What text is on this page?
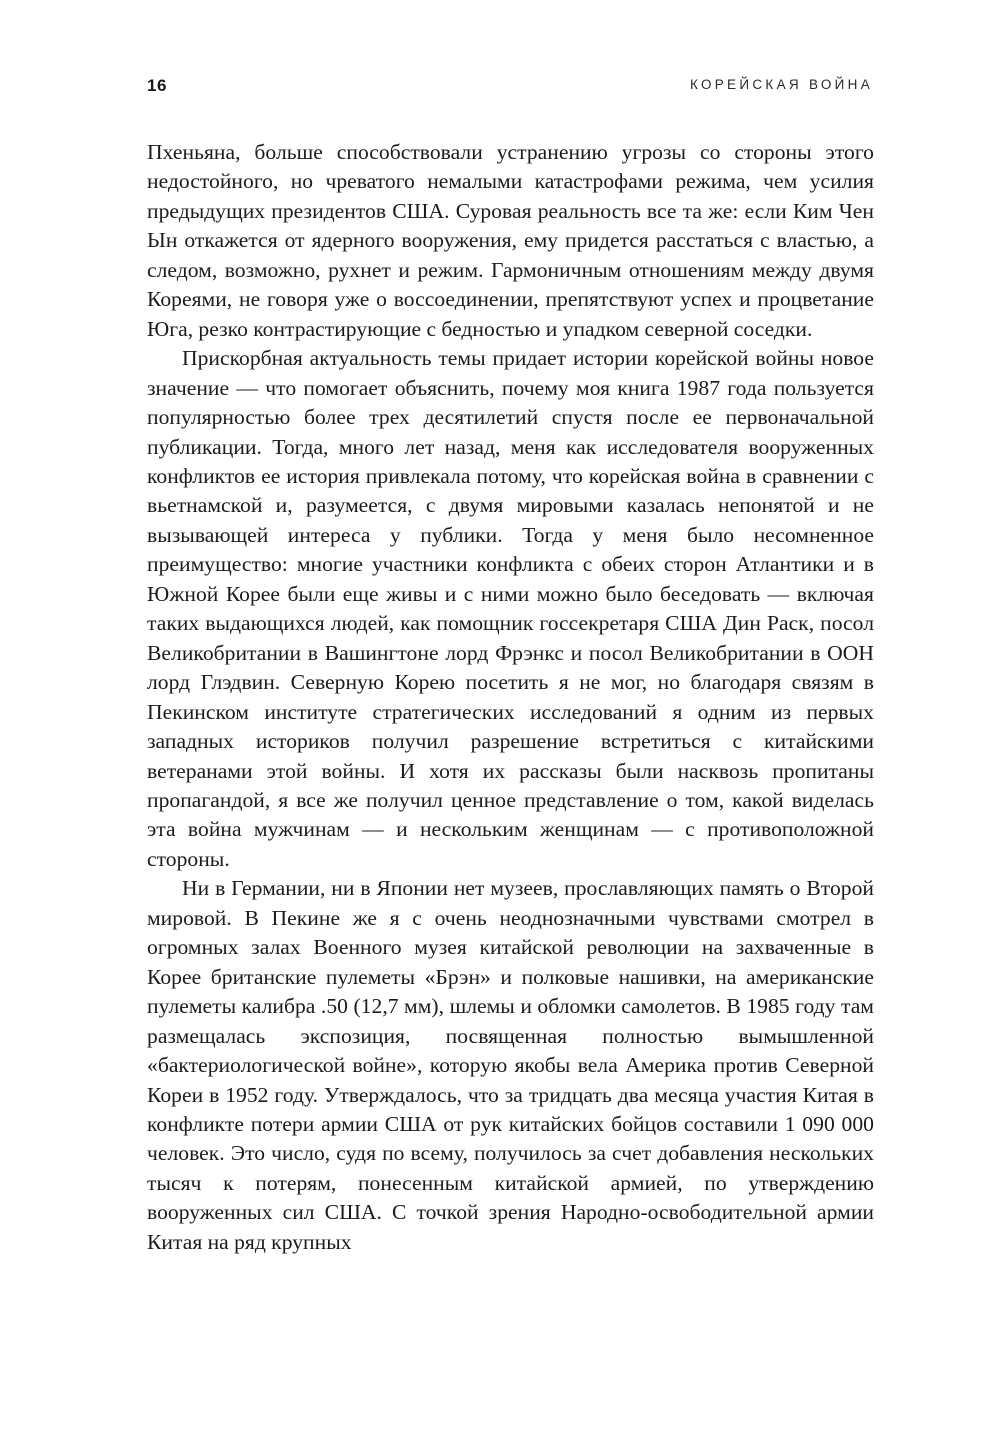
16	КОРЕЙСКАЯ ВОЙНА

Пхеньяна, больше способствовали устранению угрозы со стороны этого недостойного, но чреватого немалыми катастрофами режима, чем усилия предыдущих президентов США. Суровая реальность все та же: если Ким Чен Ын откажется от ядерного вооружения, ему придется расстаться с властью, а следом, возможно, рухнет и режим. Гармоничным отношениям между двумя Кореями, не говоря уже о воссоединении, препятствуют успех и процветание Юга, резко контрастирующие с бедностью и упадком северной соседки.

Прискорбная актуальность темы придает истории корейской войны новое значение — что помогает объяснить, почему моя книга 1987 года пользуется популярностью более трех десятилетий спустя после ее первоначальной публикации. Тогда, много лет назад, меня как исследователя вооруженных конфликтов ее история привлекала потому, что корейская война в сравнении с вьетнамской и, разумеется, с двумя мировыми казалась непонятой и не вызывающей интереса у публики. Тогда у меня было несомненное преимущество: многие участники конфликта с обеих сторон Атлантики и в Южной Корее были еще живы и с ними можно было беседовать — включая таких выдающихся людей, как помощник госсекретаря США Дин Раск, посол Великобритании в Вашингтоне лорд Фрэнкс и посол Великобритании в ООН лорд Глэдвин. Северную Корею посетить я не мог, но благодаря связям в Пекинском институте стратегических исследований я одним из первых западных историков получил разрешение встретиться с китайскими ветеранами этой войны. И хотя их рассказы были насквозь пропитаны пропагандой, я все же получил ценное представление о том, какой виделась эта война мужчинам — и нескольким женщинам — с противоположной стороны.

Ни в Германии, ни в Японии нет музеев, прославляющих память о Второй мировой. В Пекине же я с очень неоднозначными чувствами смотрел в огромных залах Военного музея китайской революции на захваченные в Корее британские пулеметы «Брэн» и полковые нашивки, на американские пулеметы калибра .50 (12,7 мм), шлемы и обломки самолетов. В 1985 году там размещалась экспозиция, посвященная полностью вымышленной «бактериологической войне», которую якобы вела Америка против Северной Кореи в 1952 году. Утверждалось, что за тридцать два месяца участия Китая в конфликте потери армии США от рук китайских бойцов составили 1 090 000 человек. Это число, судя по всему, получилось за счет добавления нескольких тысяч к потерям, понесенным китайской армией, по утверждению вооруженных сил США. С точкой зрения Народно-освободительной армии Китая на ряд крупных
